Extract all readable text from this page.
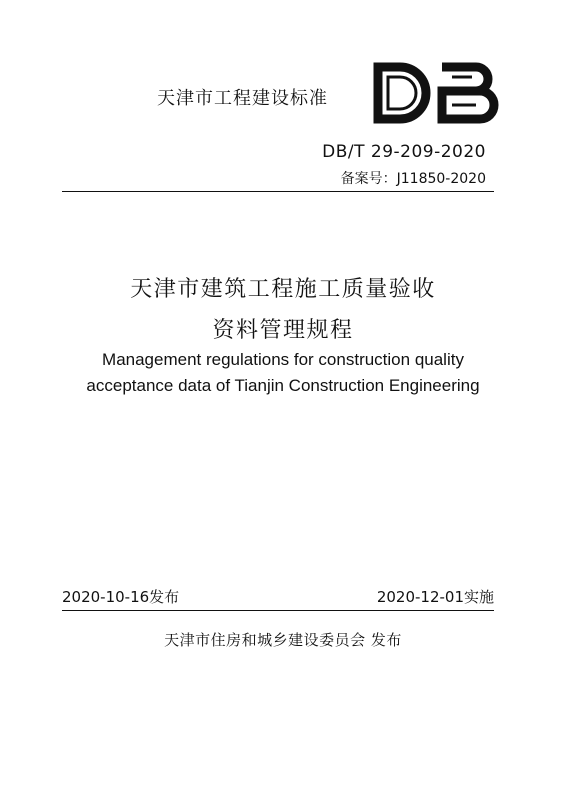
天津市工程建设标准
DB/T 29-209-2020
备案号：J11850-2020
天津市建筑工程施工质量验收
资料管理规程
Management regulations for construction quality
acceptance data of Tianjin Construction Engineering
2020-10-16发布	2020-12-01实施
天津市住房和城乡建设委员会 发布
